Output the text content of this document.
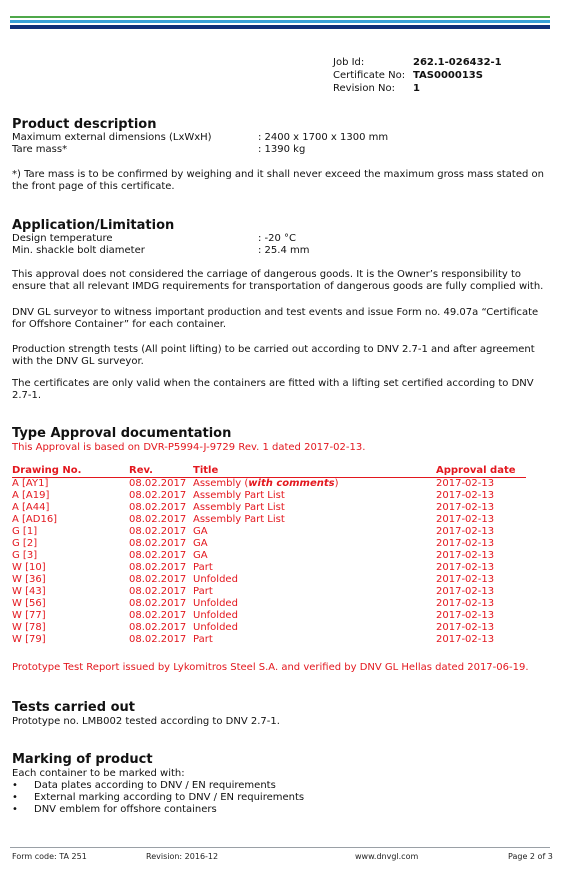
Job Id:	262.1-026432-1
Certificate No: TAS000013S
Revision No:	1
Product description
Maximum external dimensions (LxWxH)	: 2400 x 1700 x 1300 mm
Tare mass*	: 1390 kg

*) Tare mass is to be confirmed by weighing and it shall never exceed the maximum gross mass stated on the front page of this certificate.

Application/Limitation
Design temperature	: -20 °C
Min. shackle bolt diameter	: 25.4 mm

This approval does not considered the carriage of dangerous goods. It is the Owner’s responsibility to ensure that all relevant IMDG requirements for transportation of dangerous goods are fully complied with.

DNV GL surveyor to witness important production and test events and issue Form no. 49.07a “Certificate for Offshore Container” for each container.

Production strength tests (All point lifting) to be carried out according to DNV 2.7-1 and after agreement with the DNV GL surveyor.

The certificates are only valid when the containers are fitted with a lifting set certified according to DNV 2.7-1.

Type Approval documentation

This Approval is based on DVR-P5994-J-9729 Rev. 1 dated 2017-02-13.

Drawing No.	Rev.	Title	Approval date
A [AY1]	08.02.2017	Assembly (with comments)	2017-02-13
A [A19]	08.02.2017	Assembly Part List	2017-02-13
A [A44]	08.02.2017	Assembly Part List	2017-02-13
A [AD16]	08.02.2017	Assembly Part List	2017-02-13
G [1]	08.02.2017	GA	2017-02-13
G [2]	08.02.2017	GA	2017-02-13
G [3]	08.02.2017	GA	2017-02-13
W [10]	08.02.2017	Part	2017-02-13
W [36]	08.02.2017	Unfolded	2017-02-13
W [43]	08.02.2017	Part	2017-02-13
W [56]	08.02.2017	Unfolded	2017-02-13
W [77]	08.02.2017	Unfolded	2017-02-13
W [78]	08.02.2017	Unfolded	2017-02-13
W [79]	08.02.2017	Part	2017-02-13

Prototype Test Report issued by Lykomitros Steel S.A. and verified by DNV GL Hellas dated 2017-06-19.

Tests carried out

Prototype no. LMB002 tested according to DNV 2.7-1.

Marking of product

Each container to be marked with:

• Data plates according to DNV / EN requirements
• External marking according to DNV / EN requirements
• DNV emblem for offshore containers
Form code: TA 251	Revision: 2016-12	www.dnvgl.com	Page 2 of 3
